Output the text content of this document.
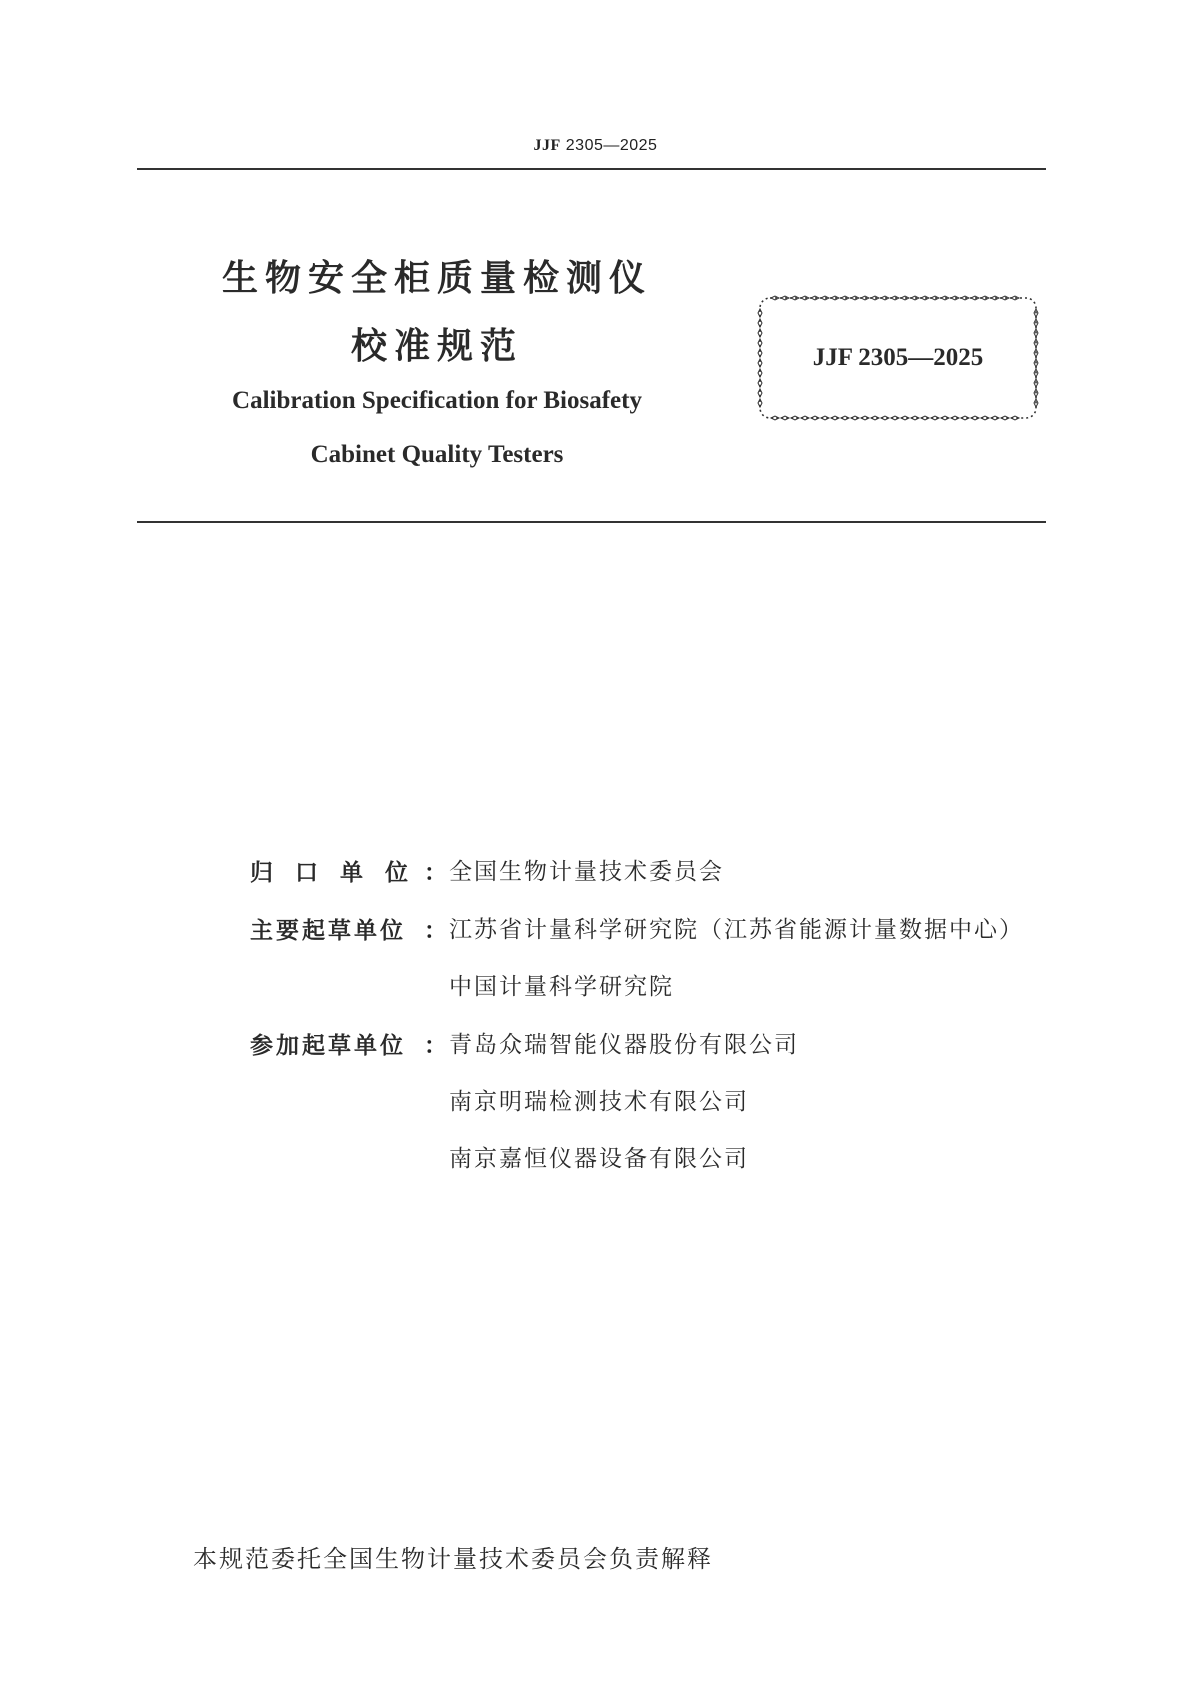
JJF 2305—2025
生物安全柜质量检测仪
校准规范
Calibration Specification for Biosafety
Cabinet Quality Testers
JJF 2305—2025
归口单位
： 全国生物计量技术委员会
主要起草单位 ： 江苏省计量科学研究院（江苏省能源计量数据中心）
中国计量科学研究院
参加起草单位 ： 青岛众瑞智能仪器股份有限公司
南京明瑞检测技术有限公司
南京嘉恒仪器设备有限公司
本规范委托全国生物计量技术委员会负责解释
